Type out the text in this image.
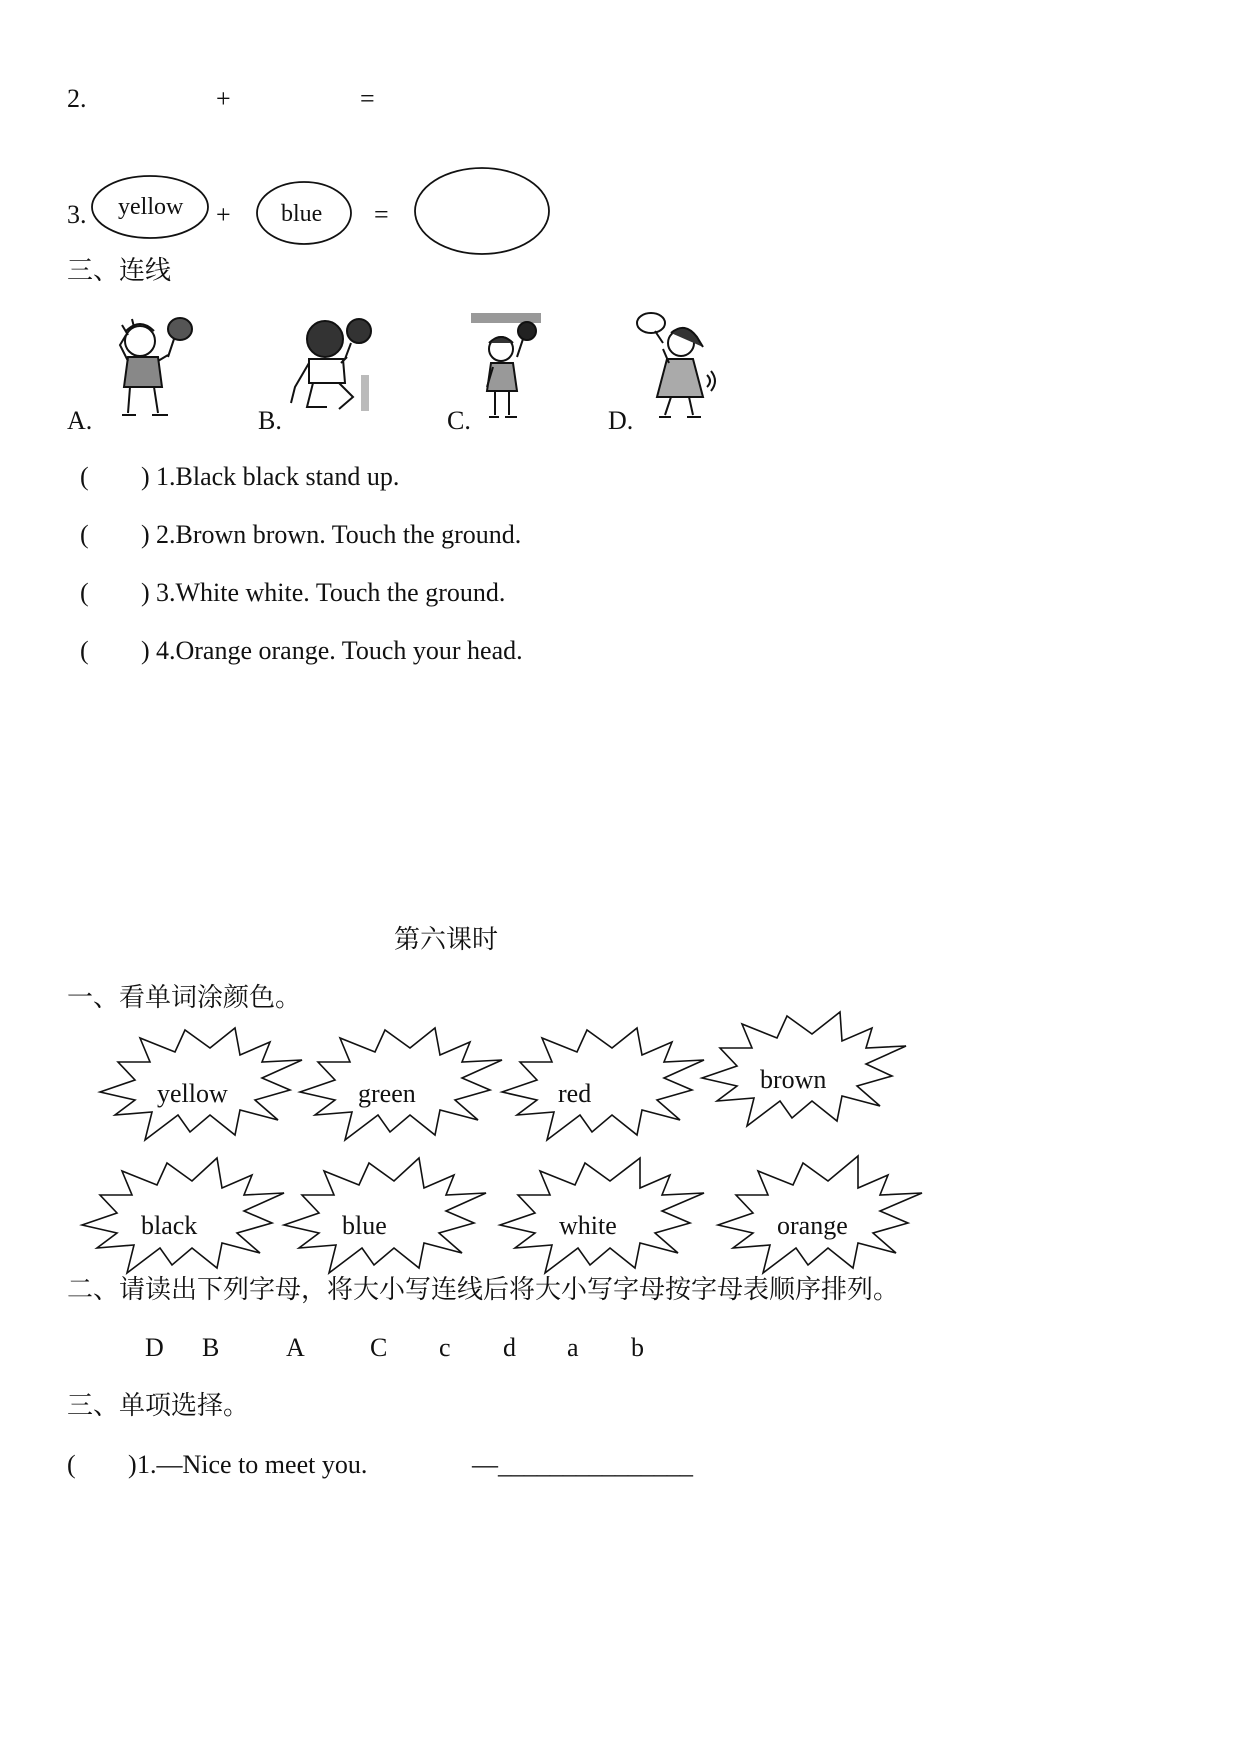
2.	+	=
3. yellow + blue =
三、连线
A.	B.	C.	D.
( ) 1.Black black stand up.
( ) 2.Brown brown. Touch the ground.
( ) 3.White white. Touch the ground.
( ) 4.Orange orange. Touch your head.
第六课时
一、看单词涂颜色。
yellow	green	red	brown
black	blue	white	orange
二、请读出下列字母，将大小写连线后将大小写字母按字母表顺序排列。
D B	A	C c d a b
三、单项选择。
( ) 1.—Nice to meet you.	— _______________
